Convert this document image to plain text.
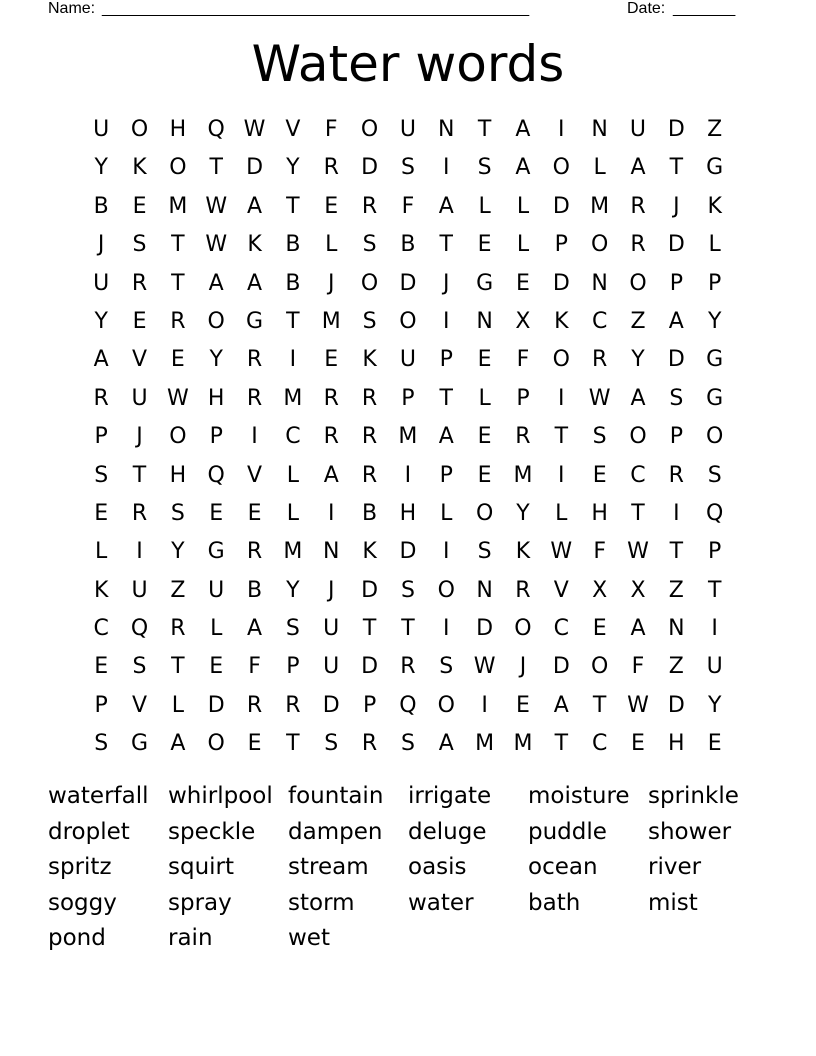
Name: ________________________________________________	Date: _______
Water words
U O H Q W V	F	O U	N	T	A	I	N	U D	Z
Y	K	O	T	D	Y	R	D	S	I	S	A	O	L	A	T	G
B	E M W A	T	E	R	F	A	L	L	D M R	J	K
J	S	T W K	B	L	S	B	T	E	L	P	O	R	D	L
U	R	T	A	A	B	J	O D	J	G	E	D N O	P	P
Y	E	R	O G	T	M S	O	I	N	X	K	C	Z	A	Y
A	V	E	Y	R	I	E	K	U	P	E	F	O	R	Y	D G
R	U W H	R M R	R	P	T	L	P	I	W A	S	G
P	J	O	P	I	C	R	R M A	E	R	T	S	O	P	O
S	T	H Q	V	L	A	R	I	P	E M	I	E	C	R	S
E	R	S	E	E	L	I	B	H	L	O	Y	L	H	T	I	Q
L	I	Y	G	R M N	K	D	I	S	K W F W T	P
K	U	Z	U	B	Y	J	D	S	O N	R	V	X	X	Z	T
C Q	R	L	A	S	U	T	T	I	D O	C	E	A	N	I
E	S	T	E	F	P	U D	R	S W	J	D O	F	Z	U
P	V	L	D	R	R	D	P	Q O	I	E	A	T W D	Y
S	G	A	O	E	T	S	R	S	A M M	T	C	E	H	E
waterfall whirlpool fountain	irrigate	moisture sprinkle
droplet	speckle	dampen	deluge	puddle	shower
spritz	squirt	stream	oasis	ocean	river
soggy	spray	storm	water	bath	mist
pond	rain	wet
